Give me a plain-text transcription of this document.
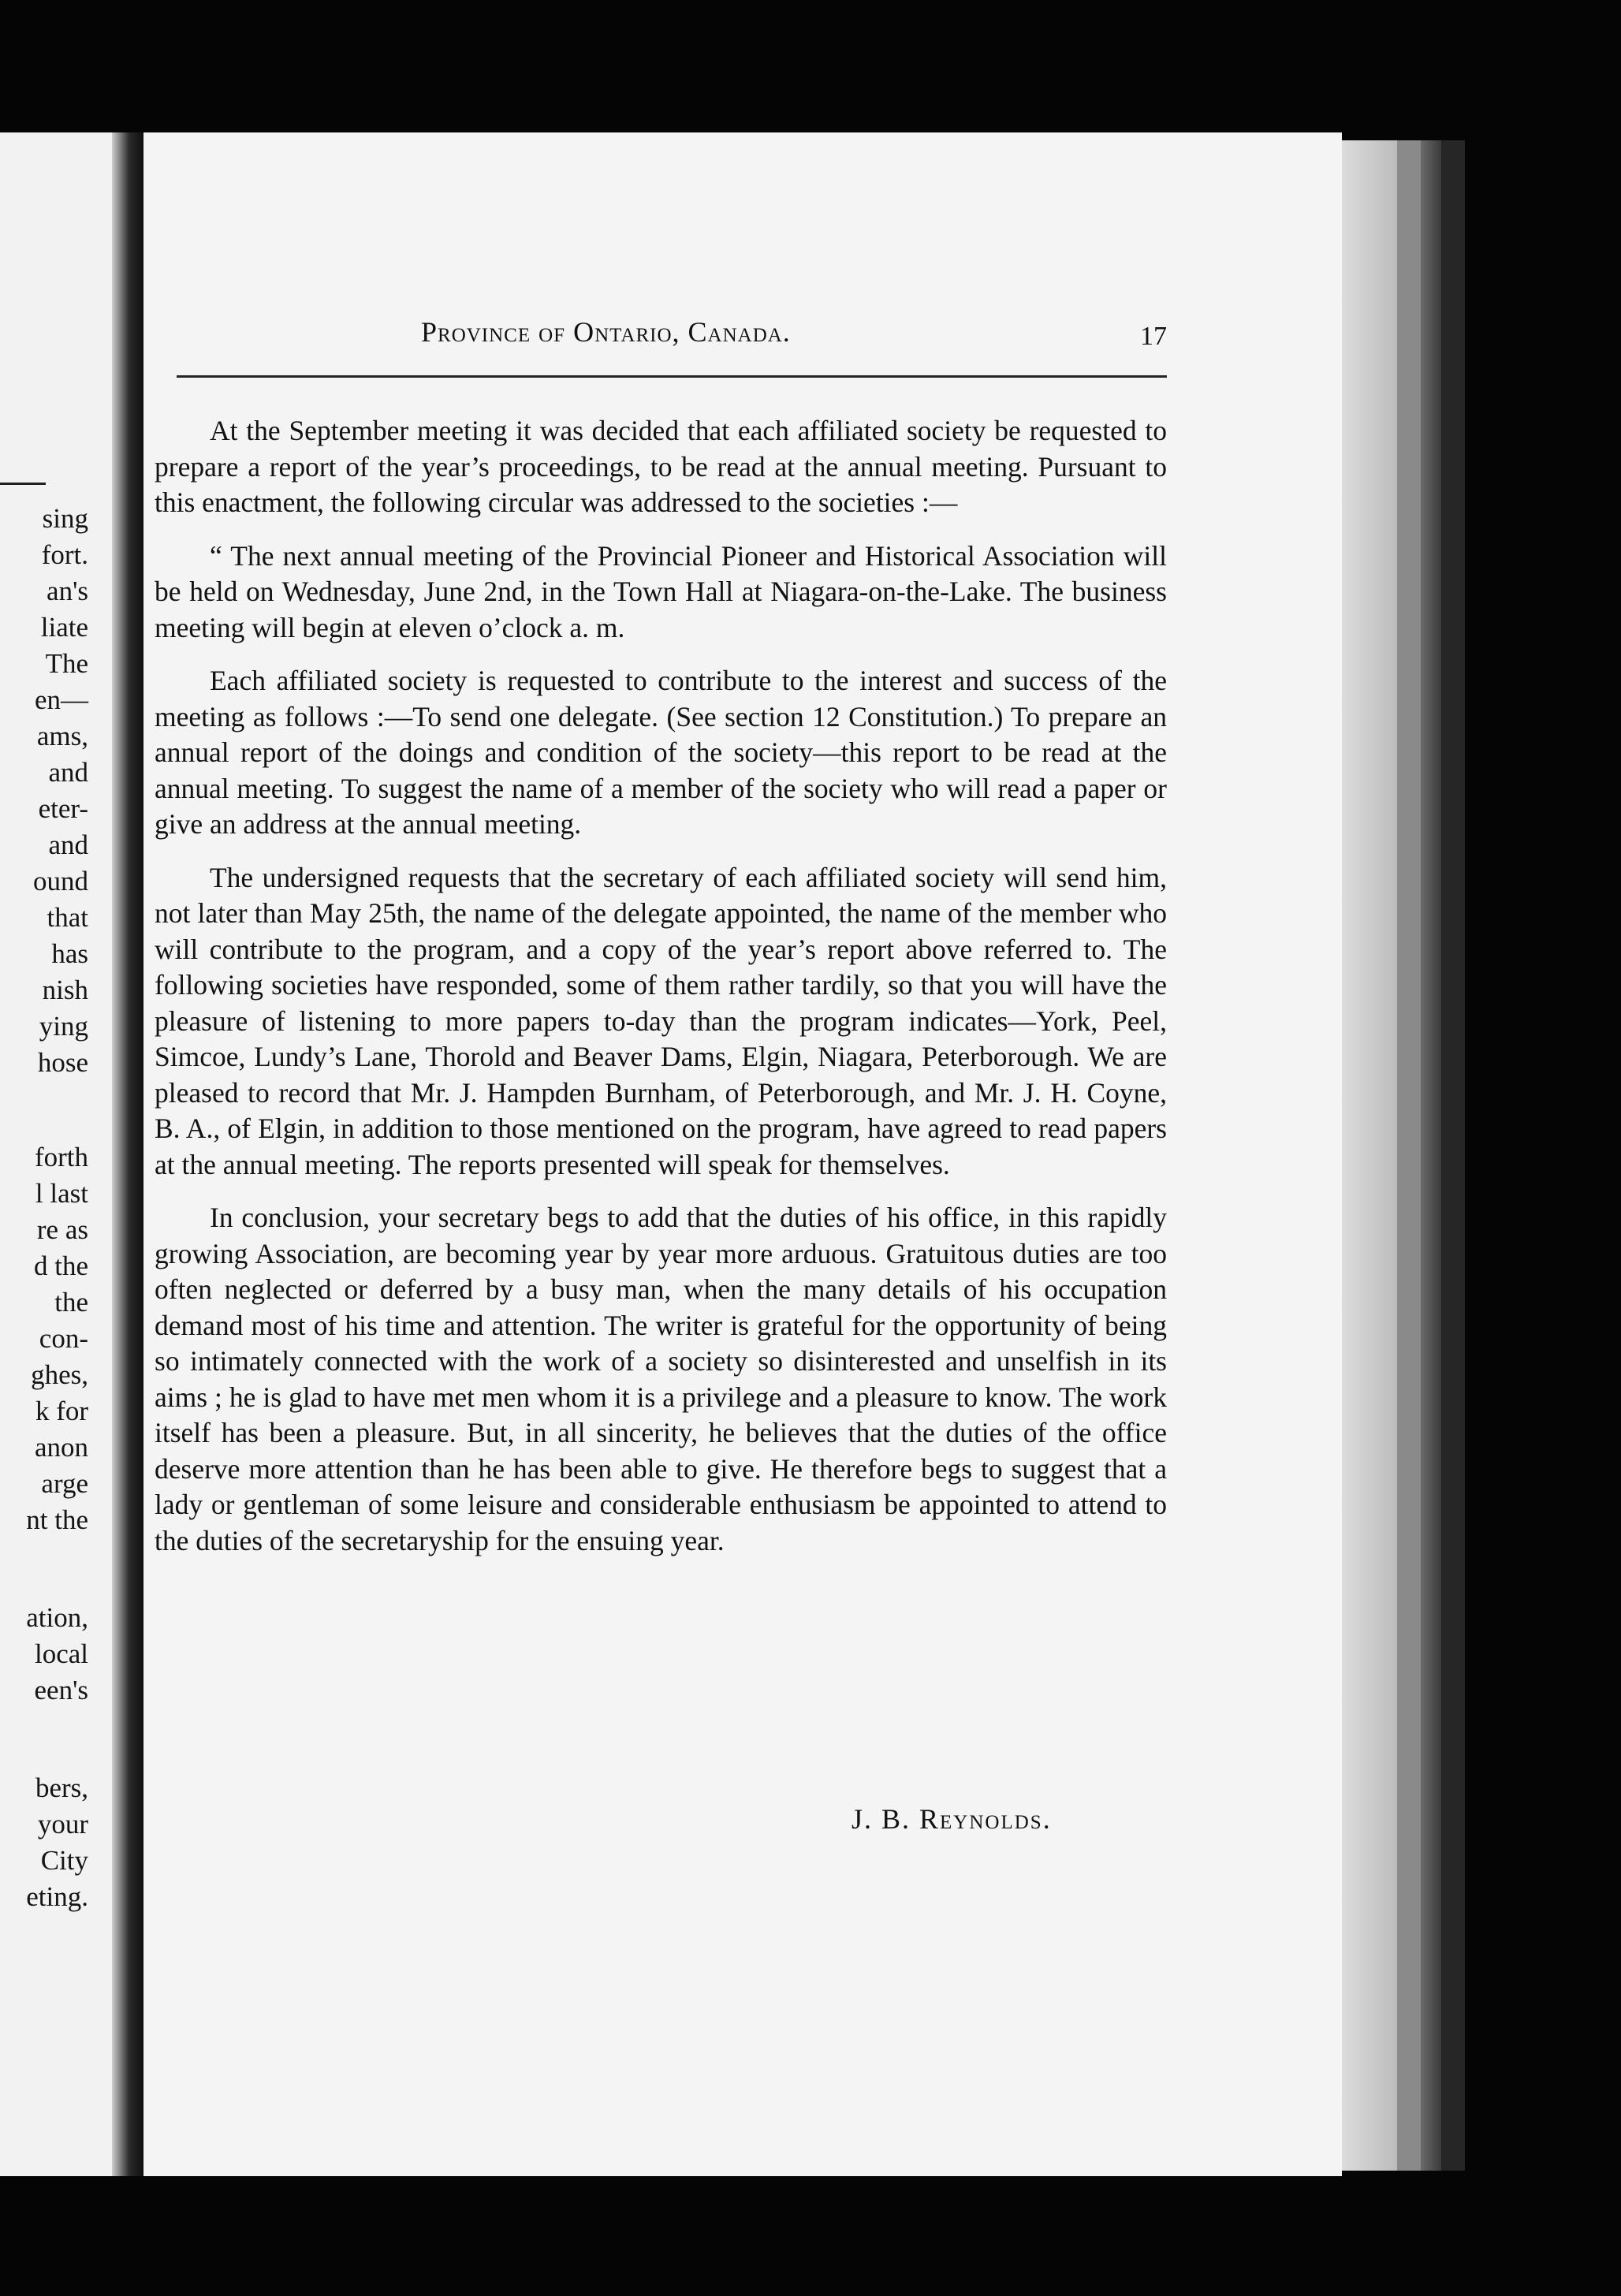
sing
fort.
an's
liate
The
en—
ams,
and
eter-
and
ound
that
has
nish
ying
hose
forth
l last
re as
d the
the
con-
ghes,
k for
anon
arge
nt the
ation,
local
een's
bers,
your
City
eting.
Province of Ontario, Canada.	17

At the September meeting it was decided that each affiliated society be requested to prepare a report of the year’s proceedings, to be read at the annual meeting. Pursuant to this enactment, the following circular was addressed to the societies :—

“ The next annual meeting of the Provincial Pioneer and Historical Association will be held on Wednesday, June 2nd, in the Town Hall at Niagara-on-the-Lake. The business meeting will begin at eleven o’clock a. m.

Each affiliated society is requested to contribute to the interest and success of the meeting as follows :—To send one delegate. (See section 12 Constitution.) To prepare an annual report of the doings and condition of the society—this report to be read at the annual meeting. To suggest the name of a member of the society who will read a paper or give an address at the annual meeting.

The undersigned requests that the secretary of each affiliated society will send him, not later than May 25th, the name of the delegate appointed, the name of the member who will contribute to the program, and a copy of the year’s report above referred to. The following societies have responded, some of them rather tardily, so that you will have the pleasure of listening to more papers to-day than the program indicates—York, Peel, Simcoe, Lundy’s Lane, Thorold and Beaver Dams, Elgin, Niagara, Peterborough. We are pleased to record that Mr. J. Hampden Burnham, of Peterborough, and Mr. J. H. Coyne, B. A., of Elgin, in addition to those mentioned on the program, have agreed to read papers at the annual meeting. The reports presented will speak for themselves.

In conclusion, your secretary begs to add that the duties of his office, in this rapidly growing Association, are becoming year by year more arduous. Gratuitous duties are too often neglected or deferred by a busy man, when the many details of his occupation demand most of his time and attention. The writer is grateful for the opportunity of being so intimately connected with the work of a society so disinterested and unselfish in its aims ; he is glad to have met men whom it is a privilege and a pleasure to know. The work itself has been a pleasure. But, in all sincerity, he believes that the duties of the office deserve more attention than he has been able to give. He therefore begs to suggest that a lady or gentleman of some leisure and considerable enthusiasm be appointed to attend to the duties of the secretaryship for the ensuing year.

J. B. Reynolds.
